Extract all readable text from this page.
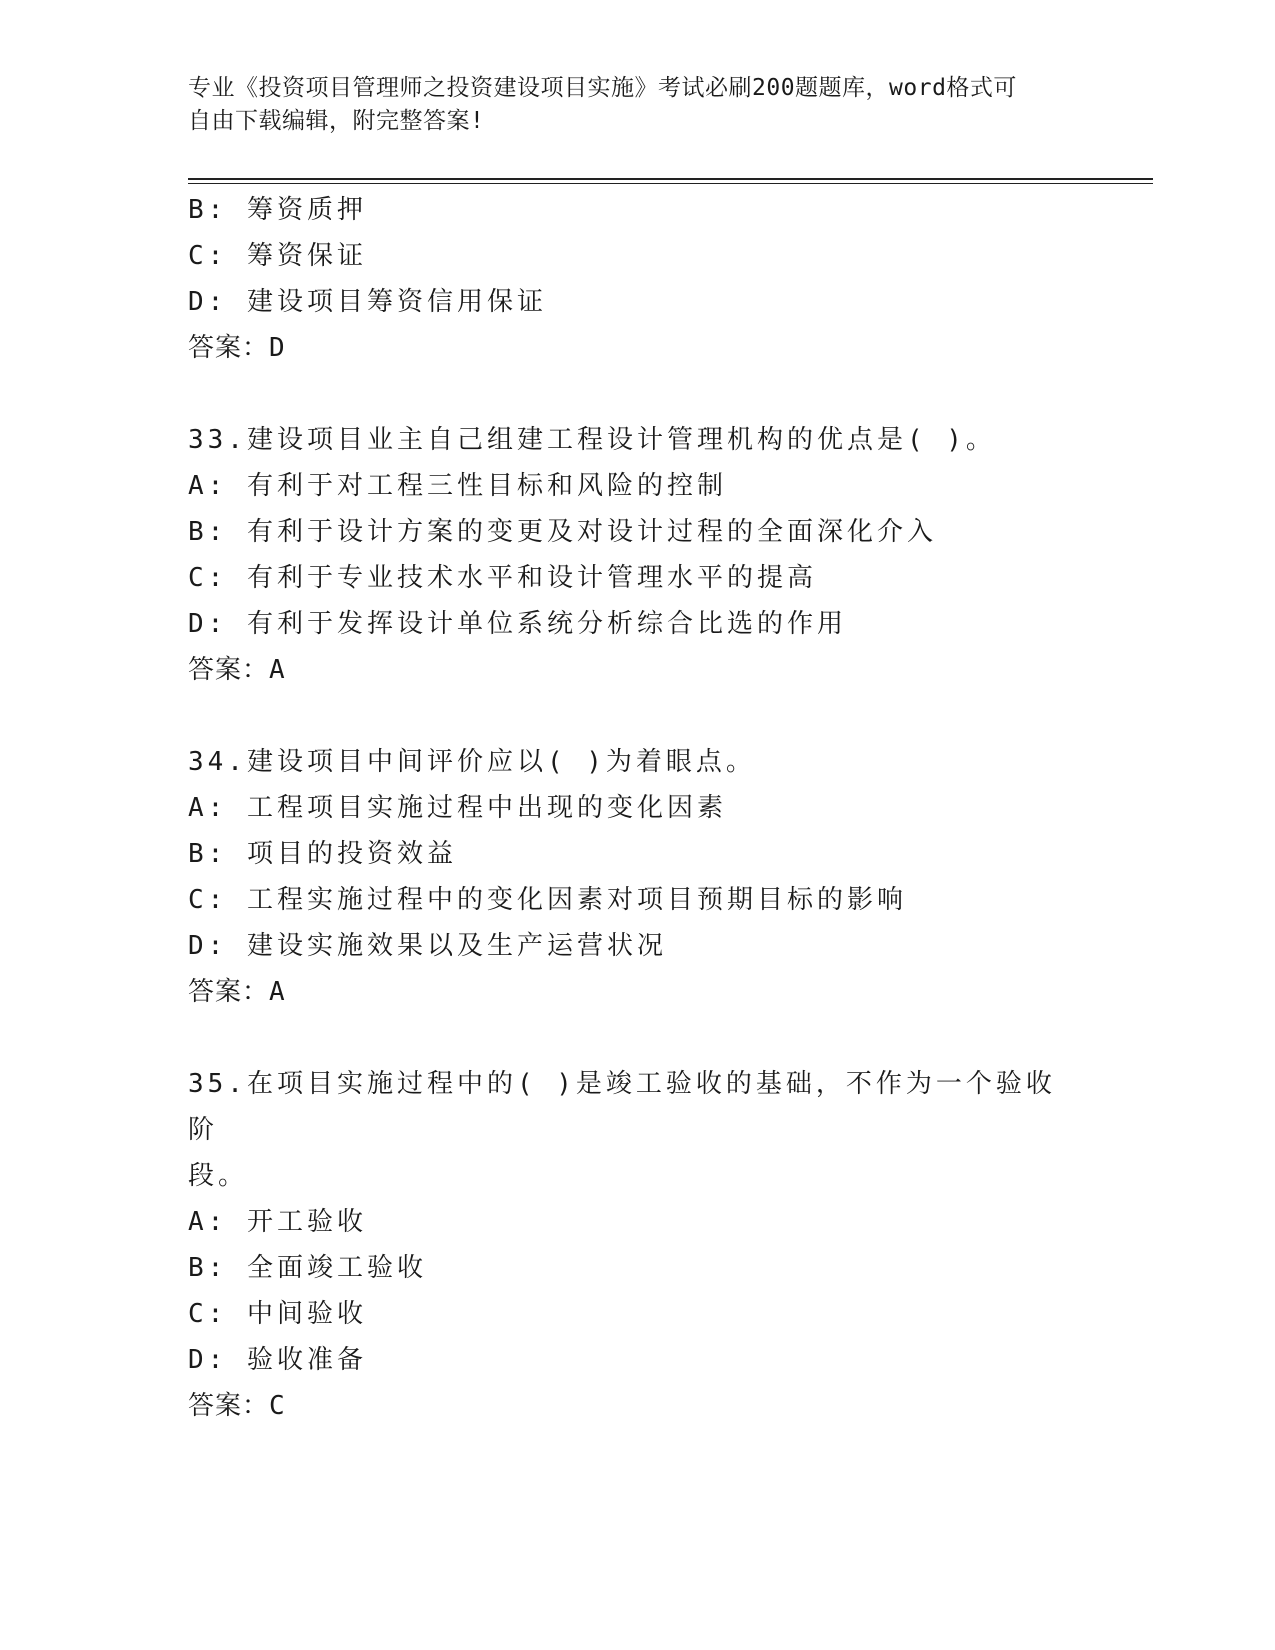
专业《投资项目管理师之投资建设项目实施》考试必刷200题题库，word格式可
自由下载编辑，附完整答案!
B: 筹资质押
C: 筹资保证
D: 建设项目筹资信用保证
答案：D
33.建设项目业主自己组建工程设计管理机构的优点是( )。
A: 有利于对工程三性目标和风险的控制
B: 有利于设计方案的变更及对设计过程的全面深化介入
C: 有利于专业技术水平和设计管理水平的提高
D: 有利于发挥设计单位系统分析综合比选的作用
答案：A
34.建设项目中间评价应以( )为着眼点。
A: 工程项目实施过程中出现的变化因素
B: 项目的投资效益
C: 工程实施过程中的变化因素对项目预期目标的影响
D: 建设实施效果以及生产运营状况
答案：A
35.在项目实施过程中的( )是竣工验收的基础，不作为一个验收阶
段。
A: 开工验收
B: 全面竣工验收
C: 中间验收
D: 验收准备
答案：C
